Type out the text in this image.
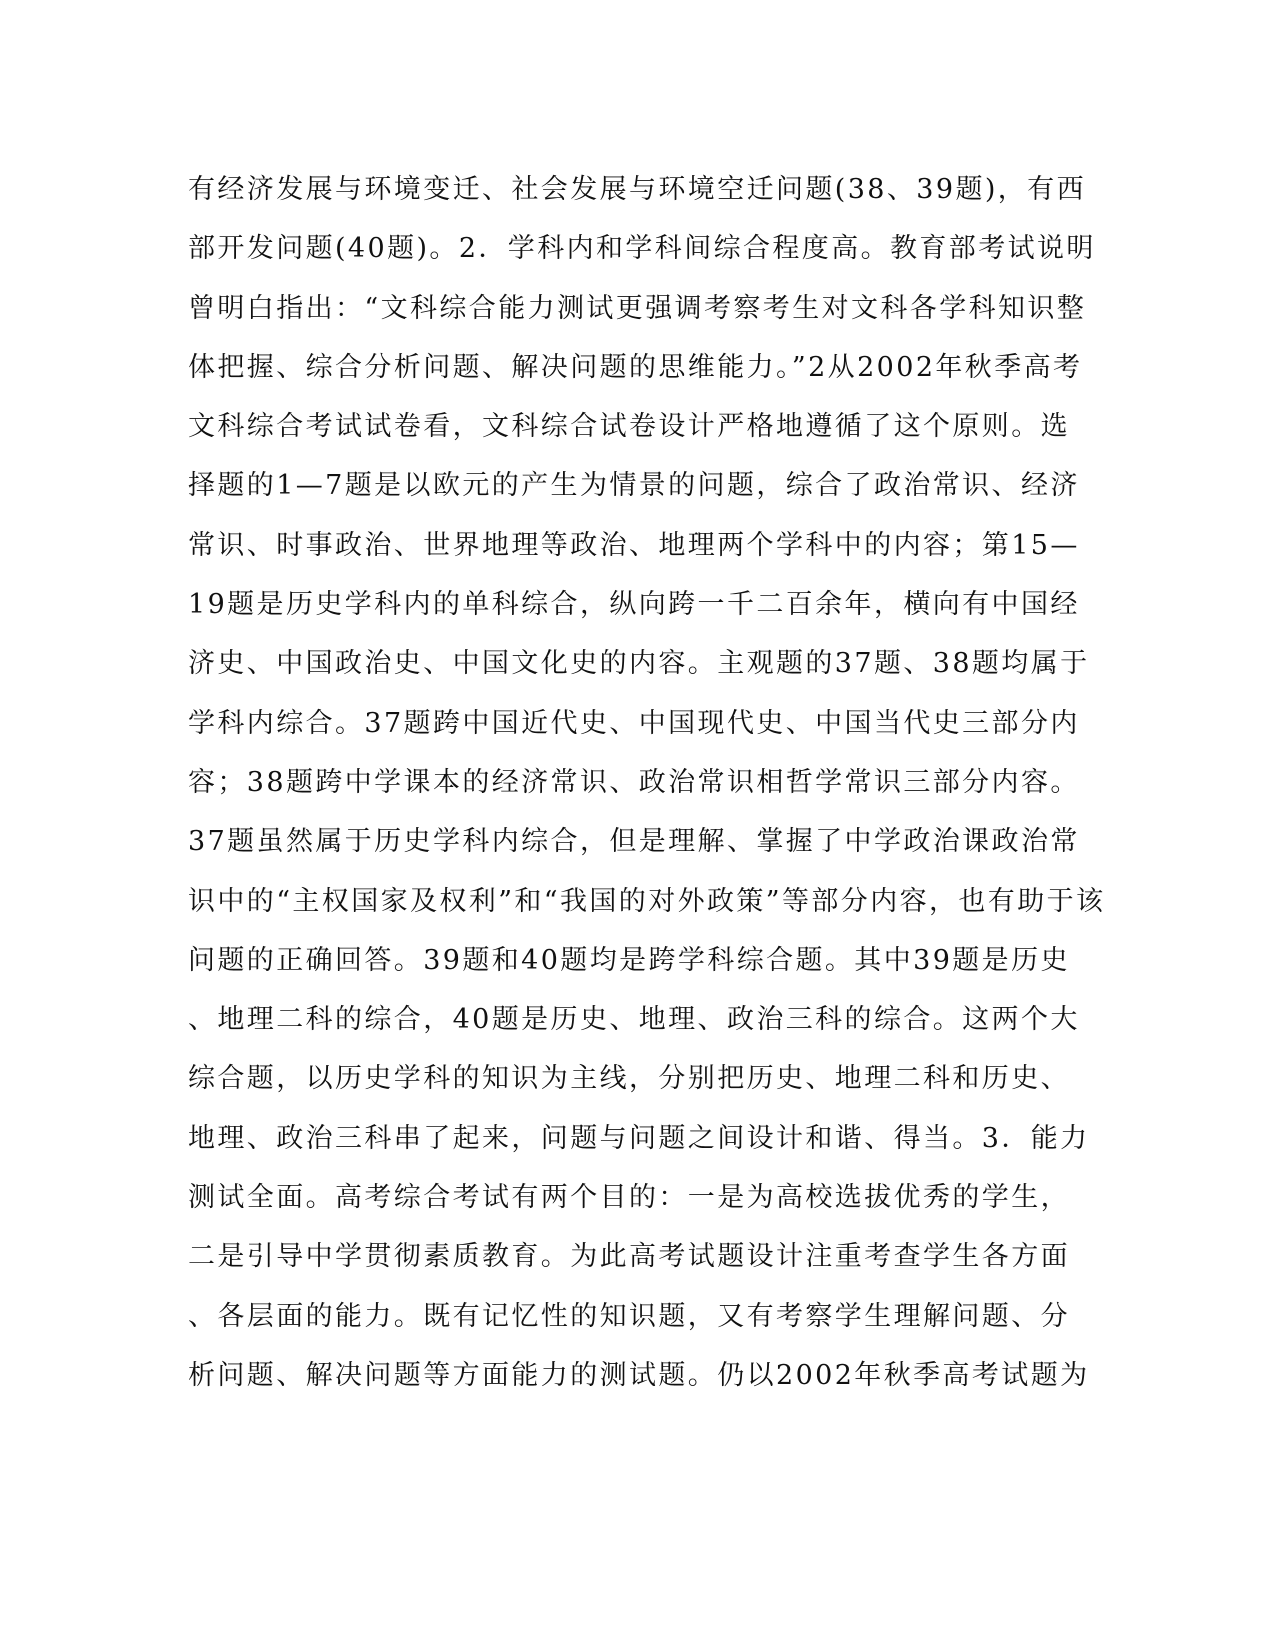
有经济发展与环境变迁、社会发展与环境空迁问题(38、39题)，有西
部开发问题(40题)。2．学科内和学科间综合程度高。教育部考试说明
曾明白指出：“文科综合能力测试更强调考察考生对文科各学科知识整
体把握、综合分析问题、解决问题的思维能力。”2从2002年秋季高考
文科综合考试试卷看，文科综合试卷设计严格地遵循了这个原则。选
择题的1—7题是以欧元的产生为情景的问题，综合了政治常识、经济
常识、时事政治、世界地理等政治、地理两个学科中的内容；第15—
19题是历史学科内的单科综合，纵向跨一千二百余年，横向有中国经
济史、中国政治史、中国文化史的内容。主观题的37题、38题均属于
学科内综合。37题跨中国近代史、中国现代史、中国当代史三部分内
容；38题跨中学课本的经济常识、政治常识相哲学常识三部分内容。
37题虽然属于历史学科内综合，但是理解、掌握了中学政治课政治常
识中的“主权国家及权利”和“我国的对外政策”等部分内容，也有助于该
问题的正确回答。39题和40题均是跨学科综合题。其中39题是历史
、地理二科的综合，40题是历史、地理、政治三科的综合。这两个大
综合题，以历史学科的知识为主线，分别把历史、地理二科和历史、
地理、政治三科串了起来，问题与问题之间设计和谐、得当。3．能力
测试全面。高考综合考试有两个目的：一是为高校选拔优秀的学生，
二是引导中学贯彻素质教育。为此高考试题设计注重考查学生各方面
、各层面的能力。既有记忆性的知识题，又有考察学生理解问题、分
析问题、解决问题等方面能力的测试题。仍以2002年秋季高考试题为
